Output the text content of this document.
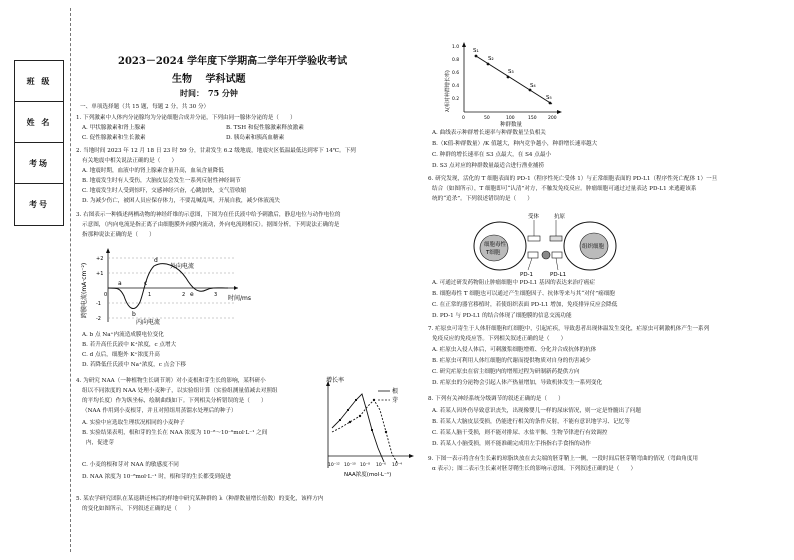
班 级
姓 名
考场
考号
2023－2024 学年度下学期高二学年开学验收考试
生物　 学科试题
时间：　75 分钟
一、单项选择题（共 15 题，每题 2 分，共 30 分）
1. 下列激素中人体内分泌腺均为分泌细胞合成并分泌，下列由同一腺体分泌的是（　　）
A. 甲状腺激素和肾上腺素	B. TSH 和促性腺激素释放激素
C. 促性腺激素和生长激素	D. 胰岛素和胰高血糖素
2. 当地时间 2023 年 12 月 18 日 23 时 59 分，甘肃发生 6.2 级地震，地震灾区低温最低达到零下 14℃。下列
有关地震中相关说法正确的是（　　）
A. 地震时期，血液中的肾上腺素含量升高，血氧含量降低
B. 地震发生时有人受伤，大脑皮层会发生一系列反射性神经调节
C. 地震发生时人受到惊吓，交感神经兴奋，心跳加快，支气管收缩
D. 为减少伤亡，被困人员应保存体力，不要乱喊乱叫，开展自救，减少体液流失
3. 右图表示一种描述两栖动物的神经纤维的示意图，下图为在任氏液中给予刺激后，静息电位与动作电位的
示意图，（内向电流是指正离子由细胞膜外向膜内流动，外向电流则相反）。据图分析，下列说法正确的是
指那种说法正确的是（　　）
跨膜电流(mA·cm⁻²)	时间/ms
外向电流
内向电流
a
b
c
d
e
0	1	2	3
+2
+1
-1
-2
A. b 点 Na⁺内流造成膜电位变化
B. 若升高任氏液中 K⁺浓度，c 点增大
C. d 点后，细胞外 K⁺浓度升高
D. 若降低任氏液中 Na⁺浓度，c 点会下移
4. 为研究 NAA（一种植物生长调节剂）对小麦根和芽生长的影响，某科研小
组以不同浓度的 NAA 处理小麦种子，以实验组计算（实验组测量值减去对照组
的平均长度）作为纵坐标，绘制曲线如下。下列相关分析错误的是（　　）
（NAA 作用到小麦根芽，并且对照组用蒸馏水处理后的种子）
A. 实验中应选取生理状况相同的小麦种子
B. 实验结果表明，根和芽的生长在 NAA 浓度为 10⁻⁸～10⁻⁶mol·L⁻¹ 之间
内，促进芽
C. 小麦的根和芽对 NAA 的敏感度不同
D. NAA 浓度为 10⁻⁸mol·L⁻¹ 时，根和芽的生长都受到促进
增长率
根
芽
10⁻¹² 10⁻¹⁰ 10⁻⁸ 10⁻⁶ 10⁻⁴
NAA浓度(mol·L⁻¹)
5. 某农学研究团队在某退耕还林后的样地中研究某种群的 λ（种群数量增长倍数）的变化，该样方内
的变化如图所示，下列叙述正确的是（　　）
S₁
S₂
S₃
S₄
S₅
λ(相对种群增长率)
种群数量
0	50	100	150	200
0.2
0.4
0.6
0.8
1.0
A. 曲线表示种群增长速率与种群数量呈负相关
B.（K值-种群数量）/K 值越大，种内竞争越小，种群增长速率越大
C. 种群的增长速率在 S3 点最大，在 S4 点最小
D. S3 点对应的种群数量最适合进行渔业捕捞
6. 研究发现，活化的 T 细胞表面的 PD-1（程序性死亡受体 1）与正常细胞表面的 PD-L1（程序性死亡配体 1）一旦
结合（如图所示），T 细胞即可“认清”对方，不触发免疫反应。肿瘤细胞可通过过量表达 PD-L1 来逃避该系
统的“追杀”。下列叙述错误的是（　　）
细胞毒性
T细胞
组织细胞
受体	抗原
PD-1	PD-L1
A. 可通过研发药物阻止肿瘤细胞中 PD-L1 基因的表达来治疗癌症
B. 细胞毒性 T 细胞也可以通过产生细胞因子、抗体等来与其“对付”癌细胞
C. 在正常的器官移植时，若使组织表面 PD-L1 增加，免疫排异反应会降低
D. PD-1 与 PD-L1 的结合体现了细胞膜的信息交流功能
7. 疟原虫可寄生于人体肝细胞和红细胞中，引起疟疾，导致患者出现体温发生变化，疟原虫可刺激机体产生一系列
免疫反应的免疫应答。下列相关叙述正确的是（　　）
A. 疟原虫入侵人体后，可刺激浆细胞增殖、分化并合成抗体的抗体
B. 疟原虫可利用人体红细胞的代谢而提供物质对自身的伤害减少
C. 研究疟原虫在宿主细胞内的增殖过程为研制新药提供方向
D. 疟原虫的分泌物会引起人体产热量增加，导致机体发生一系列变化
8. 下列有关神经系统分级调节的叙述正确的是（　　）
A. 若某人因外伤导致意识丧失，出现像婴儿一样的尿床情况，则一定是脊髓出了问题
B. 若某人大脑皮层受损，仍能进行相关的条件反射，不能有意识地学习、记忆等
C. 若某人脑干受损，则不能对排尿、水盐平衡、生物节律进行有效调控
D. 若某人小脑受损，则不能准确完成用左手指指右手食指的动作
9. 下图一表示将含有生长素的琼脂块放在去尖端的胚芽鞘上一侧，一段时间后胚芽鞘弯曲的情况（弯曲角度用
α 表示）；图二表示生长素对胚芽鞘生长的影响示意图。下列叙述正确的是（　　）
